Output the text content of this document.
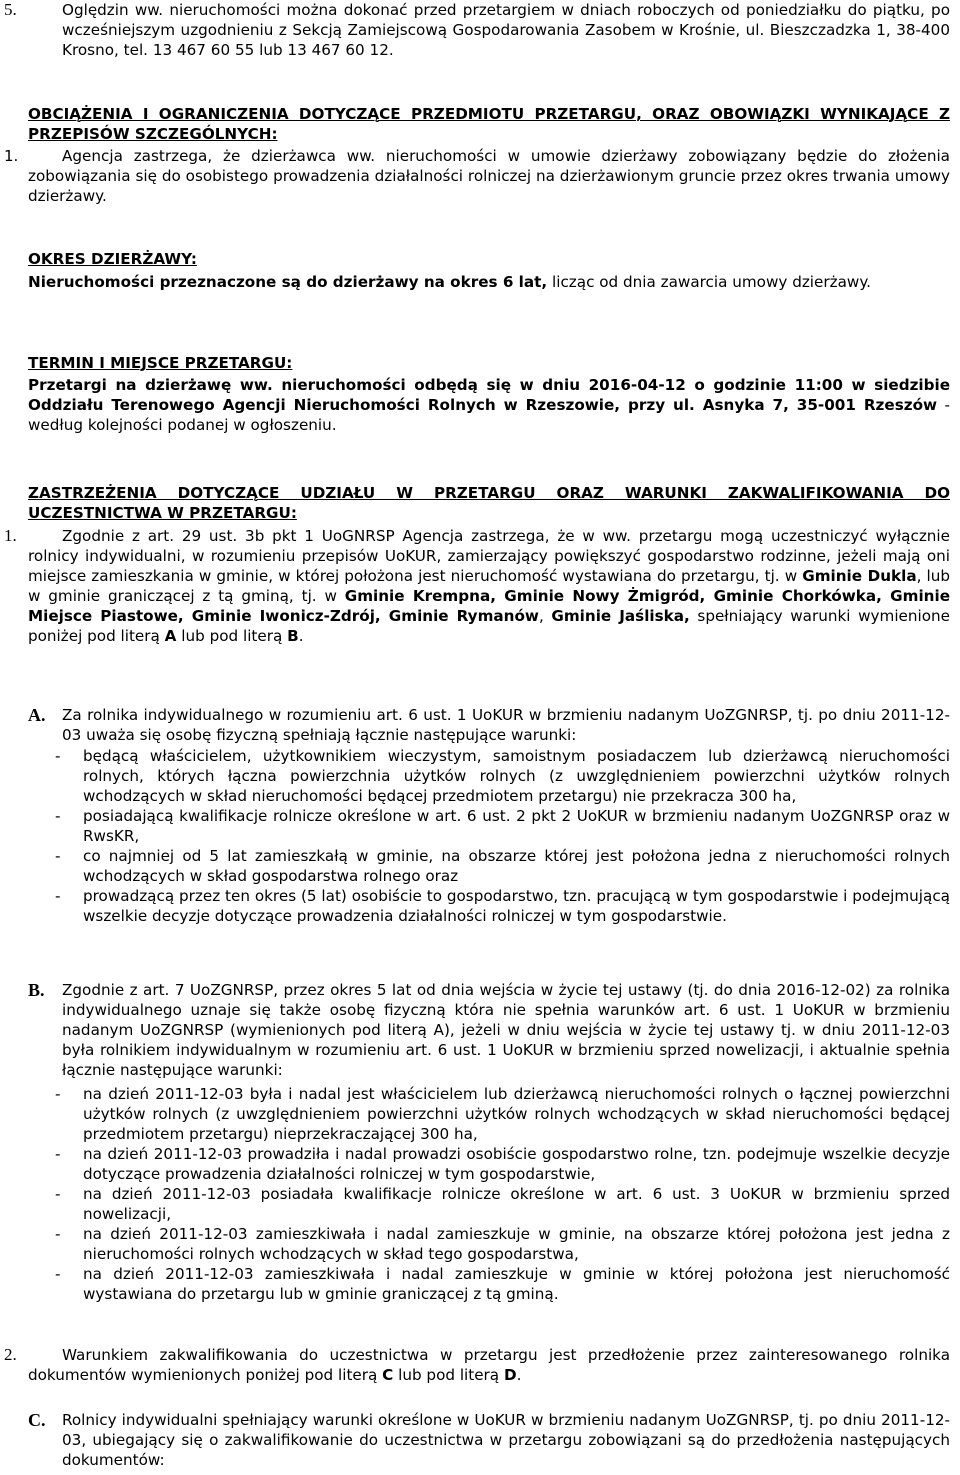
5.	Oględzin ww. nieruchomości można dokonać przed przetargiem w dniach roboczych od poniedziałku do piątku, po wcześniejszym uzgodnieniu z Sekcją Zamiejscową Gospodarowania Zasobem w Krośnie, ul. Bieszczadzka 1, 38-400 Krosno, tel. 13 467 60 55 lub 13 467 60 12.
OBCIĄŻENIA I OGRANICZENIA DOTYCZĄCE PRZEDMIOTU PRZETARGU, ORAZ OBOWIĄZKI WYNIKAJĄCE Z PRZEPISÓW SZCZEGÓLNYCH:
1.	Agencja zastrzega, że dzierżawca ww. nieruchomości w umowie dzierżawy zobowiązany będzie do złożenia zobowiązania się do osobistego prowadzenia działalności rolniczej na dzierżawionym gruncie przez okres trwania umowy dzierżawy.
OKRES DZIERŻAWY:
Nieruchomości przeznaczone są do dzierżawy na okres 6 lat, licząc od dnia zawarcia umowy dzierżawy.
TERMIN I MIEJSCE PRZETARGU:
Przetargi na dzierżawę ww. nieruchomości odbędą się w dniu 2016-04-12 o godzinie 11:00 w siedzibie Oddziału Terenowego Agencji Nieruchomości Rolnych w Rzeszowie, przy ul. Asnyka 7, 35-001 Rzeszów - według kolejności podanej w ogłoszeniu.
ZASTRZEŻENIA DOTYCZĄCE UDZIAŁU W PRZETARGU ORAZ WARUNKI ZAKWALIFIKOWANIA DO UCZESTNICTWA W PRZETARGU:
1.	Zgodnie z art. 29 ust. 3b pkt 1 UoGNRSP Agencja zastrzega, że w ww. przetargu mogą uczestniczyć wyłącznie rolnicy indywidualni, w rozumieniu przepisów UoKUR, zamierzający powiększyć gospodarstwo rodzinne, jeżeli mają oni miejsce zamieszkania w gminie, w której położona jest nieruchomość wystawiana do przetargu, tj. w Gminie Dukla, lub w gminie graniczącej z tą gminą, tj. w Gminie Krempna, Gminie Nowy Żmigród, Gminie Chorkówka, Gminie Miejsce Piastowe, Gminie Iwonicz-Zdrój, Gminie Rymanów, Gminie Jaśliska, spełniający warunki wymienione poniżej pod literą A lub pod literą B.
A. Za rolnika indywidualnego w rozumieniu art. 6 ust. 1 UoKUR w brzmieniu nadanym UoZGNRSP, tj. po dniu 2011-12-03 uważa się osobę fizyczną spełniają łącznie następujące warunki:
- będącą właścicielem, użytkownikiem wieczystym, samoistnym posiadaczem lub dzierżawcą nieruchomości rolnych, których łączna powierzchnia użytków rolnych (z uwzględnieniem powierzchni użytków rolnych wchodzących w skład nieruchomości będącej przedmiotem przetargu) nie przekracza 300 ha,
- posiadającą kwalifikacje rolnicze określone w art. 6 ust. 2 pkt 2 UoKUR w brzmieniu nadanym UoZGNRSP oraz w RwsKR,
- co najmniej od 5 lat zamieszkałą w gminie, na obszarze której jest położona jedna z nieruchomości rolnych wchodzących w skład gospodarstwa rolnego oraz
- prowadzącą przez ten okres (5 lat) osobiście to gospodarstwo, tzn. pracującą w tym gospodarstwie i podejmującą wszelkie decyzje dotyczące prowadzenia działalności rolniczej w tym gospodarstwie.
B. Zgodnie z art. 7 UoZGNRSP, przez okres 5 lat od dnia wejścia w życie tej ustawy (tj. do dnia 2016-12-02) za rolnika indywidualnego uznaje się także osobę fizyczną która nie spełnia warunków art. 6 ust. 1 UoKUR w brzmieniu nadanym UoZGNRSP (wymienionych pod literą A), jeżeli w dniu wejścia w życie tej ustawy tj. w dniu 2011-12-03 była rolnikiem indywidualnym w rozumieniu art. 6 ust. 1 UoKUR w brzmieniu sprzed nowelizacji, i aktualnie spełnia łącznie następujące warunki:
- na dzień 2011-12-03 była i nadal jest właścicielem lub dzierżawcą nieruchomości rolnych o łącznej powierzchni użytków rolnych (z uwzględnieniem powierzchni użytków rolnych wchodzących w skład nieruchomości będącej przedmiotem przetargu) nieprzekraczającej 300 ha,
- na dzień 2011-12-03 prowadziła i nadal prowadzi osobiście gospodarstwo rolne, tzn. podejmuje wszelkie decyzje dotyczące prowadzenia działalności rolniczej w tym gospodarstwie,
- na dzień 2011-12-03 posiadała kwalifikacje rolnicze określone w art. 6 ust. 3 UoKUR w brzmieniu sprzed nowelizacji,
- na dzień 2011-12-03 zamieszkiwała i nadal zamieszkuje w gminie, na obszarze której położona jest jedna z nieruchomości rolnych wchodzących w skład tego gospodarstwa,
- na dzień 2011-12-03 zamieszkiwała i nadal zamieszkuje w gminie w której położona jest nieruchomość wystawiana do przetargu lub w gminie graniczącej z tą gminą.
2.	Warunkiem zakwalifikowania do uczestnictwa w przetargu jest przedłożenie przez zainteresowanego rolnika dokumentów wymienionych poniżej pod literą C lub pod literą D.
C. Rolnicy indywidualni spełniający warunki określone w UoKUR w brzmieniu nadanym UoZGNRSP, tj. po dniu 2011-12-03, ubiegający się o zakwalifikowanie do uczestnictwa w przetargu zobowiązani są do przedłożenia następujących dokumentów:
